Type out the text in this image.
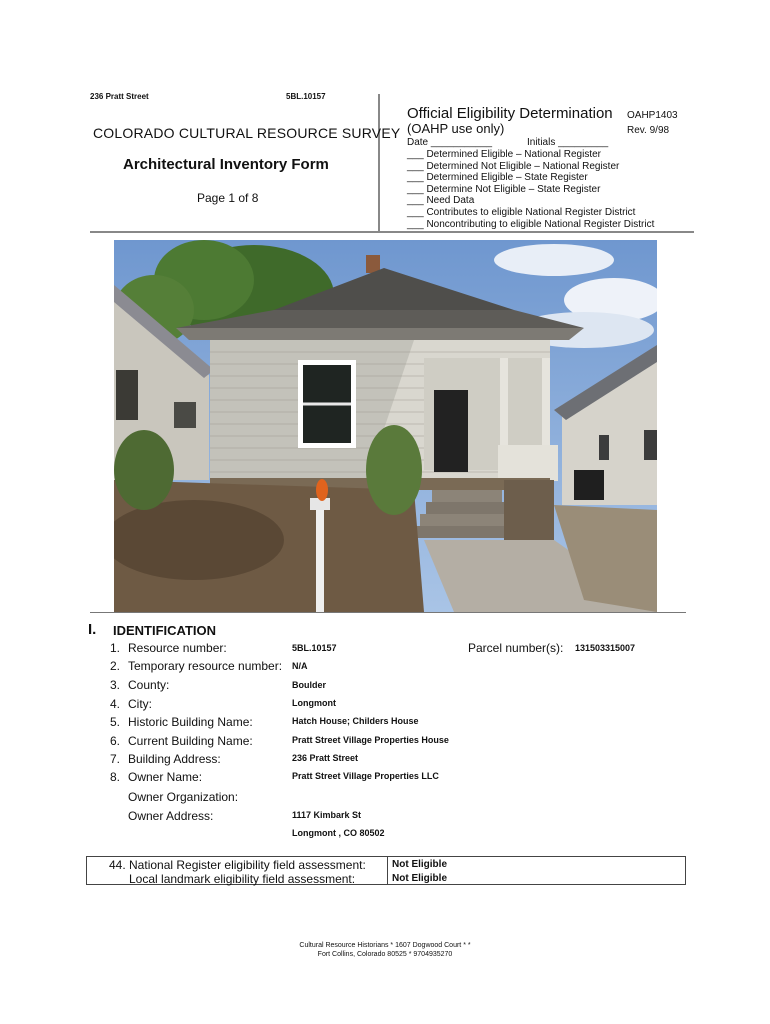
236 Pratt Street	5BL.10157
COLORADO CULTURAL RESOURCE SURVEY
Architectural Inventory Form
Page 1 of 8
Official Eligibility Determination OAHP1403
(OAHP use only)	Rev. 9/98
Date ___________	Initials _________
___ Determined Eligible – National Register
___ Determined Not Eligible – National Register
___ Determined Eligible – State Register
___ Determine Not Eligible – State Register
___ Need Data
___ Contributes to eligible National Register District
___ Noncontributing to eligible National Register District
I. IDENTIFICATION
1. Resource number:	5BL.10157	Parcel number(s): 131503315007
2. Temporary resource number: N/A
3. County:	Boulder
4. City:	Longmont
5. Historic Building Name:	Hatch House; Childers House
6. Current Building Name:	Pratt Street Village Properties House
7. Building Address:	236 Pratt Street
8. Owner Name:	Pratt Street Village Properties LLC
Owner Organization:
Owner Address:	1117 Kimbark St
Longmont , CO 80502
44. National Register eligibility field assessment:	Not Eligible
Local landmark eligibility field assessment:	Not Eligible
Cultural Resource Historians * 1607 Dogwood Court * *
Fort Collins, Colorado 80525 * 9704935270
